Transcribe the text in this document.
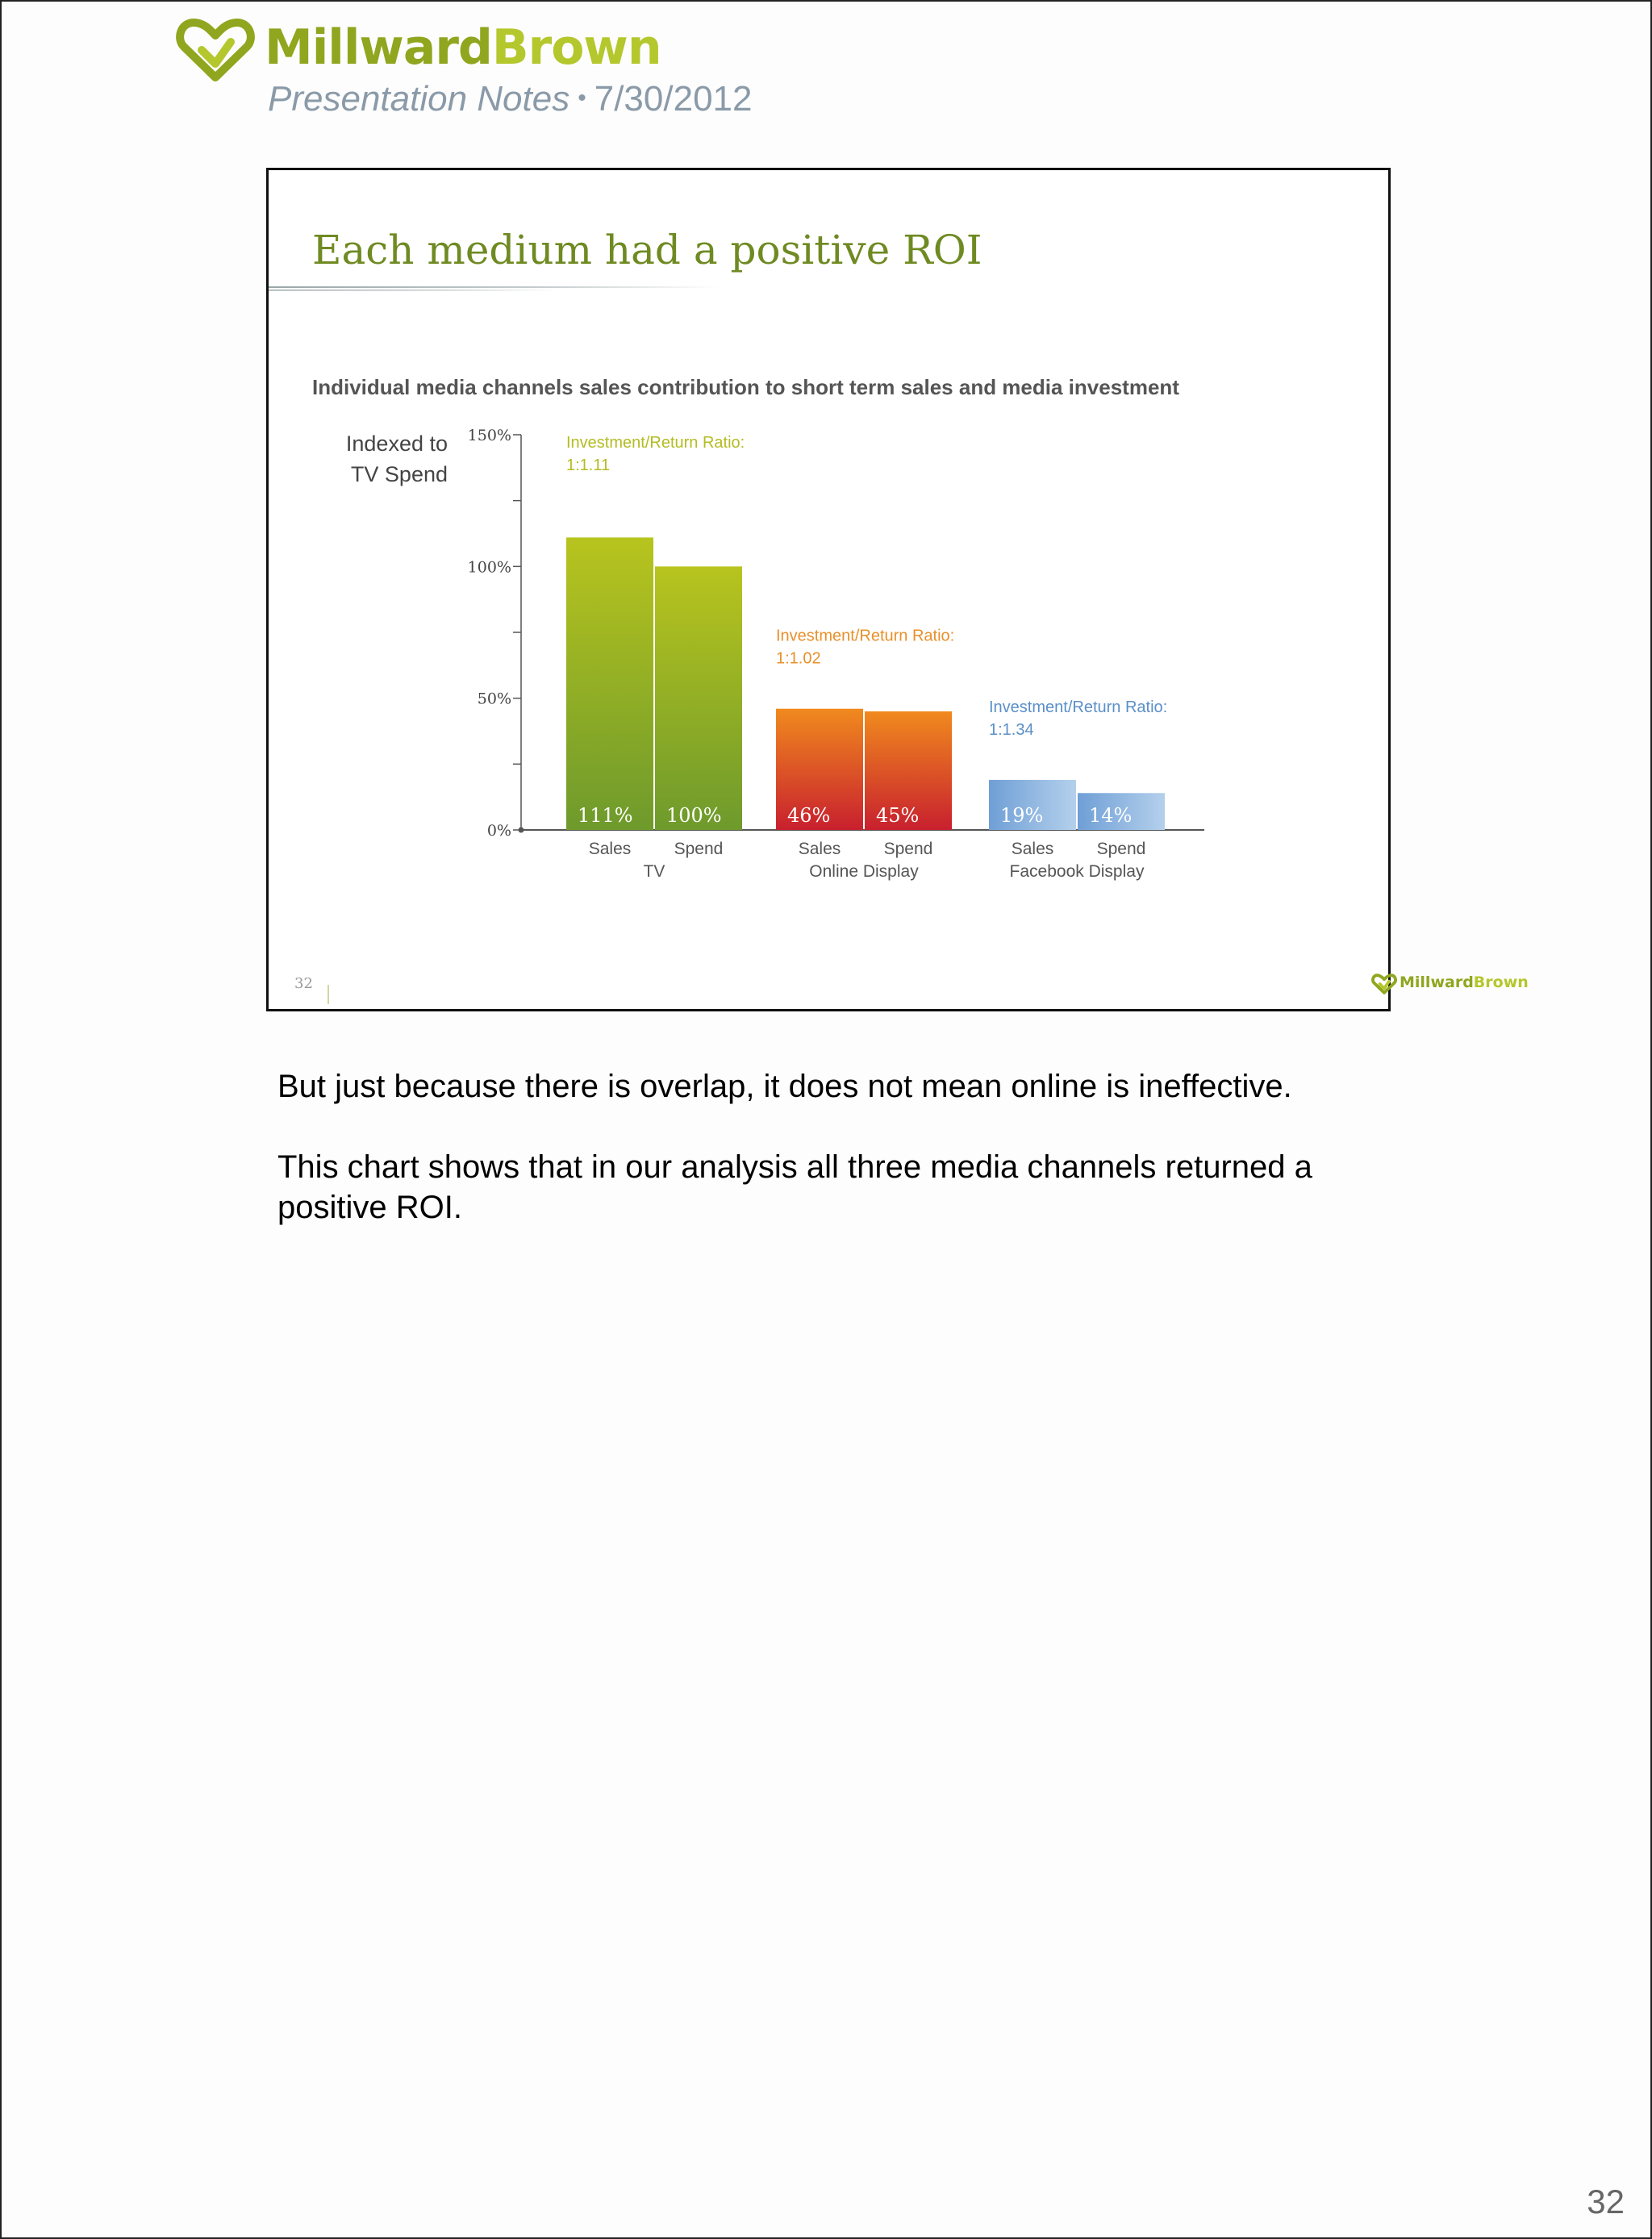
MillwardBrown
Presentation Notes • 7/30/2012
Each medium had a positive ROI
Individual media channels sales contribution to short term sales and media investment
0%
50%
100%
150%
Indexed to
TV Spend
111%
Sales
100%
Spend
TV
Investment/Return Ratio:
1:1.11
46%
Sales
45%
Spend
Online Display
Investment/Return Ratio:
1:1.02
19%
Sales
14%
Spend
Facebook Display
Investment/Return Ratio:
1:1.34
32	MillwardBrown

But just because there is overlap, it does not mean online is ineffective.

This chart shows that in our analysis all three media channels returned a positive ROI.

32
